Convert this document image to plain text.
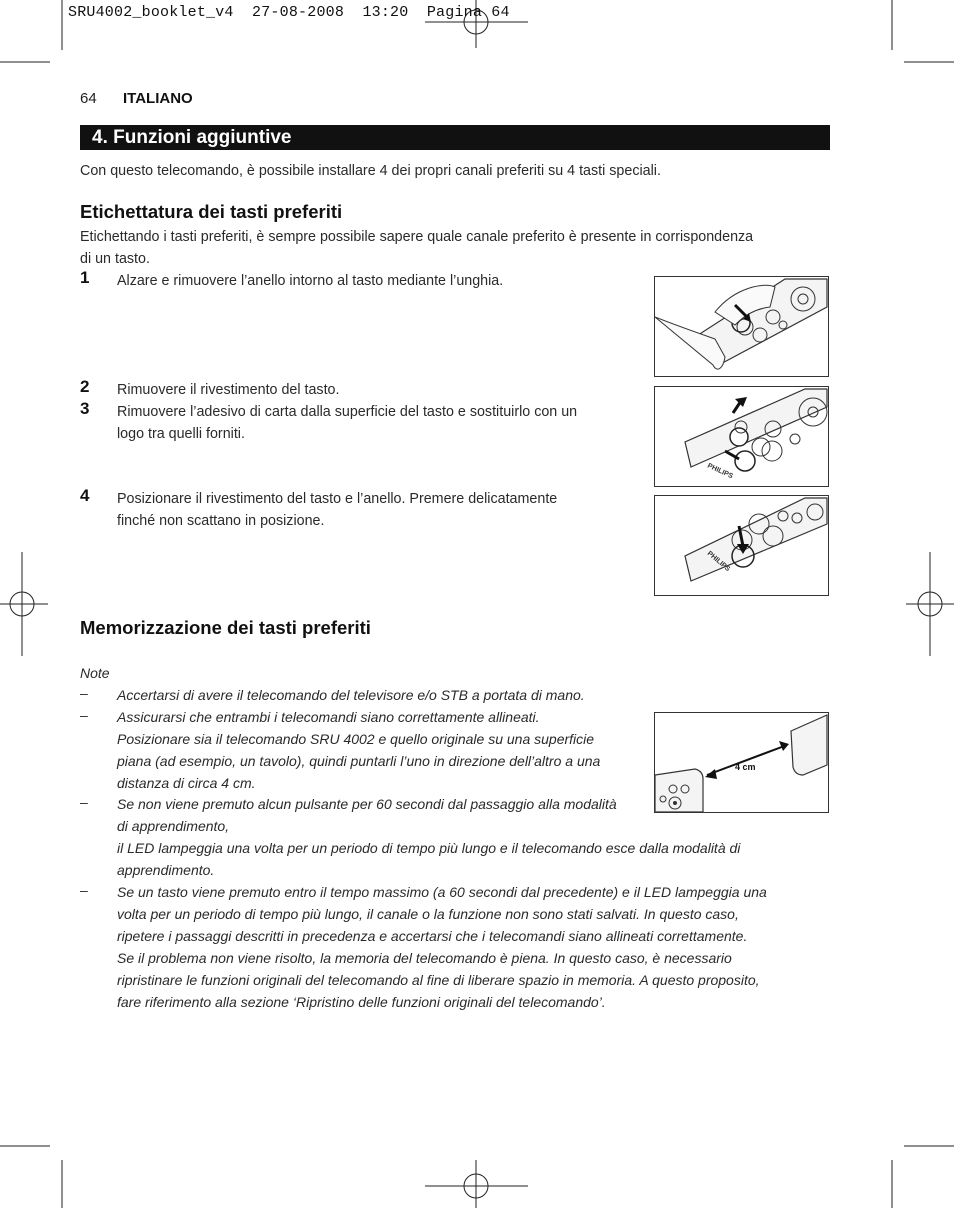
SRU4002_booklet_v4  27-08-2008  13:20  Pagina 64
64 ITALIANO
4. Funzioni aggiuntive
Con questo telecomando, è possibile installare 4 dei propri canali preferiti su 4 tasti speciali.
Etichettatura dei tasti preferiti
Etichettando i tasti preferiti, è sempre possibile sapere quale canale preferito è presente in corrispondenza
di un tasto.
1 Alzare e rimuovere l’anello intorno al tasto mediante l’unghia.
2 Rimuovere il rivestimento del tasto.
3 Rimuovere l’adesivo di carta dalla superficie del tasto e sostituirlo con un
logo tra quelli forniti.
4 Posizionare il rivestimento del tasto e l’anello. Premere delicatamente
finché non scattano in posizione.
PHILIPS
PHILIPS
Memorizzazione dei tasti preferiti
Note
– Accertarsi di avere il telecomando del televisore e/o STB a portata di mano.
– Assicurarsi che entrambi i telecomandi siano correttamente allineati.
Posizionare sia il telecomando SRU 4002 e quello originale su una superficie
piana (ad esempio, un tavolo), quindi puntarli l’uno in direzione dell’altro a una
distanza di circa 4 cm.
– Se non viene premuto alcun pulsante per 60 secondi dal passaggio alla modalità
di apprendimento,
il LED lampeggia una volta per un periodo di tempo più lungo e il telecomando esce dalla modalità di
apprendimento.
– Se un tasto viene premuto entro il tempo massimo (a 60 secondi dal precedente) e il LED lampeggia una
volta per un periodo di tempo più lungo, il canale o la funzione non sono stati salvati. In questo caso,
ripetere i passaggi descritti in precedenza e accertarsi che i telecomandi siano allineati correttamente.
Se il problema non viene risolto, la memoria del telecomando è piena. In questo caso, è necessario
ripristinare le funzioni originali del telecomando al fine di liberare spazio in memoria. A questo proposito,
fare riferimento alla sezione ‘Ripristino delle funzioni originali del telecomando’.
4 cm
